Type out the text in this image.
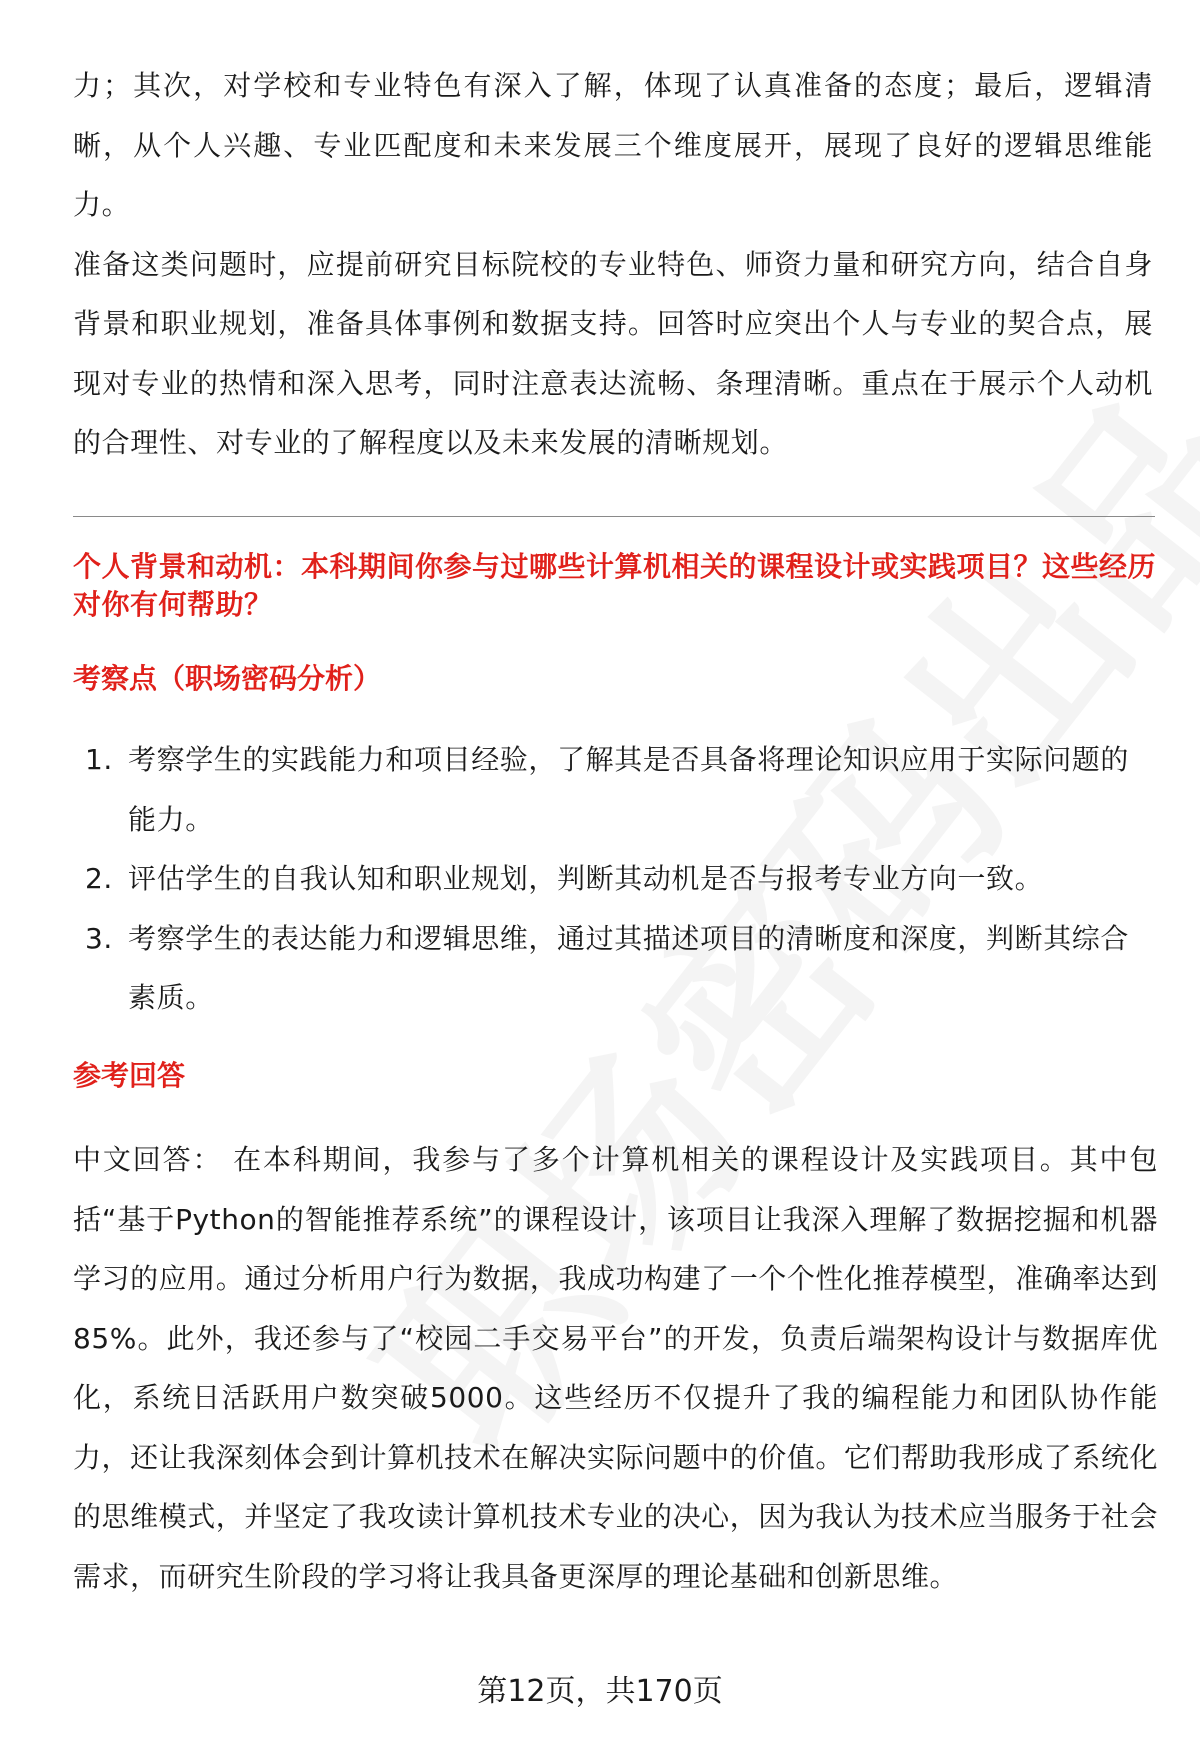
力；其次，对学校和专业特色有深入了解，体现了认真准备的态度；最后，逻辑清晰，从个人兴趣、专业匹配度和未来发展三个维度展开，展现了良好的逻辑思维能力。

准备这类问题时，应提前研究目标院校的专业特色、师资力量和研究方向，结合自身背景和职业规划，准备具体事例和数据支持。回答时应突出个人与专业的契合点，展现对专业的热情和深入思考，同时注意表达流畅、条理清晰。重点在于展示个人动机的合理性、对专业的了解程度以及未来发展的清晰规划。

个人背景和动机：本科期间你参与过哪些计算机相关的课程设计或实践项目？这些经历对你有何帮助？
考察点（职场密码分析）
1. 考察学生的实践能力和项目经验，了解其是否具备将理论知识应用于实际问题的能力。
2. 评估学生的自我认知和职业规划，判断其动机是否与报考专业方向一致。
3. 考察学生的表达能力和逻辑思维，通过其描述项目的清晰度和深度，判断其综合素质。
参考回答

中文回答： 在本科期间，我参与了多个计算机相关的课程设计及实践项目。其中包括“基于Python的智能推荐系统”的课程设计，该项目让我深入理解了数据挖掘和机器学习的应用。通过分析用户行为数据，我成功构建了一个个性化推荐模型，准确率达到85%。此外，我还参与了“校园二手交易平台”的开发，负责后端架构设计与数据库优化，系统日活跃用户数突破5000。这些经历不仅提升了我的编程能力和团队协作能力，还让我深刻体会到计算机技术在解决实际问题中的价值。它们帮助我形成了系统化的思维模式，并坚定了我攻读计算机技术专业的决心，因为我认为技术应当服务于社会需求，而研究生阶段的学习将让我具备更深厚的理论基础和创新思维。

第12页，共170页
